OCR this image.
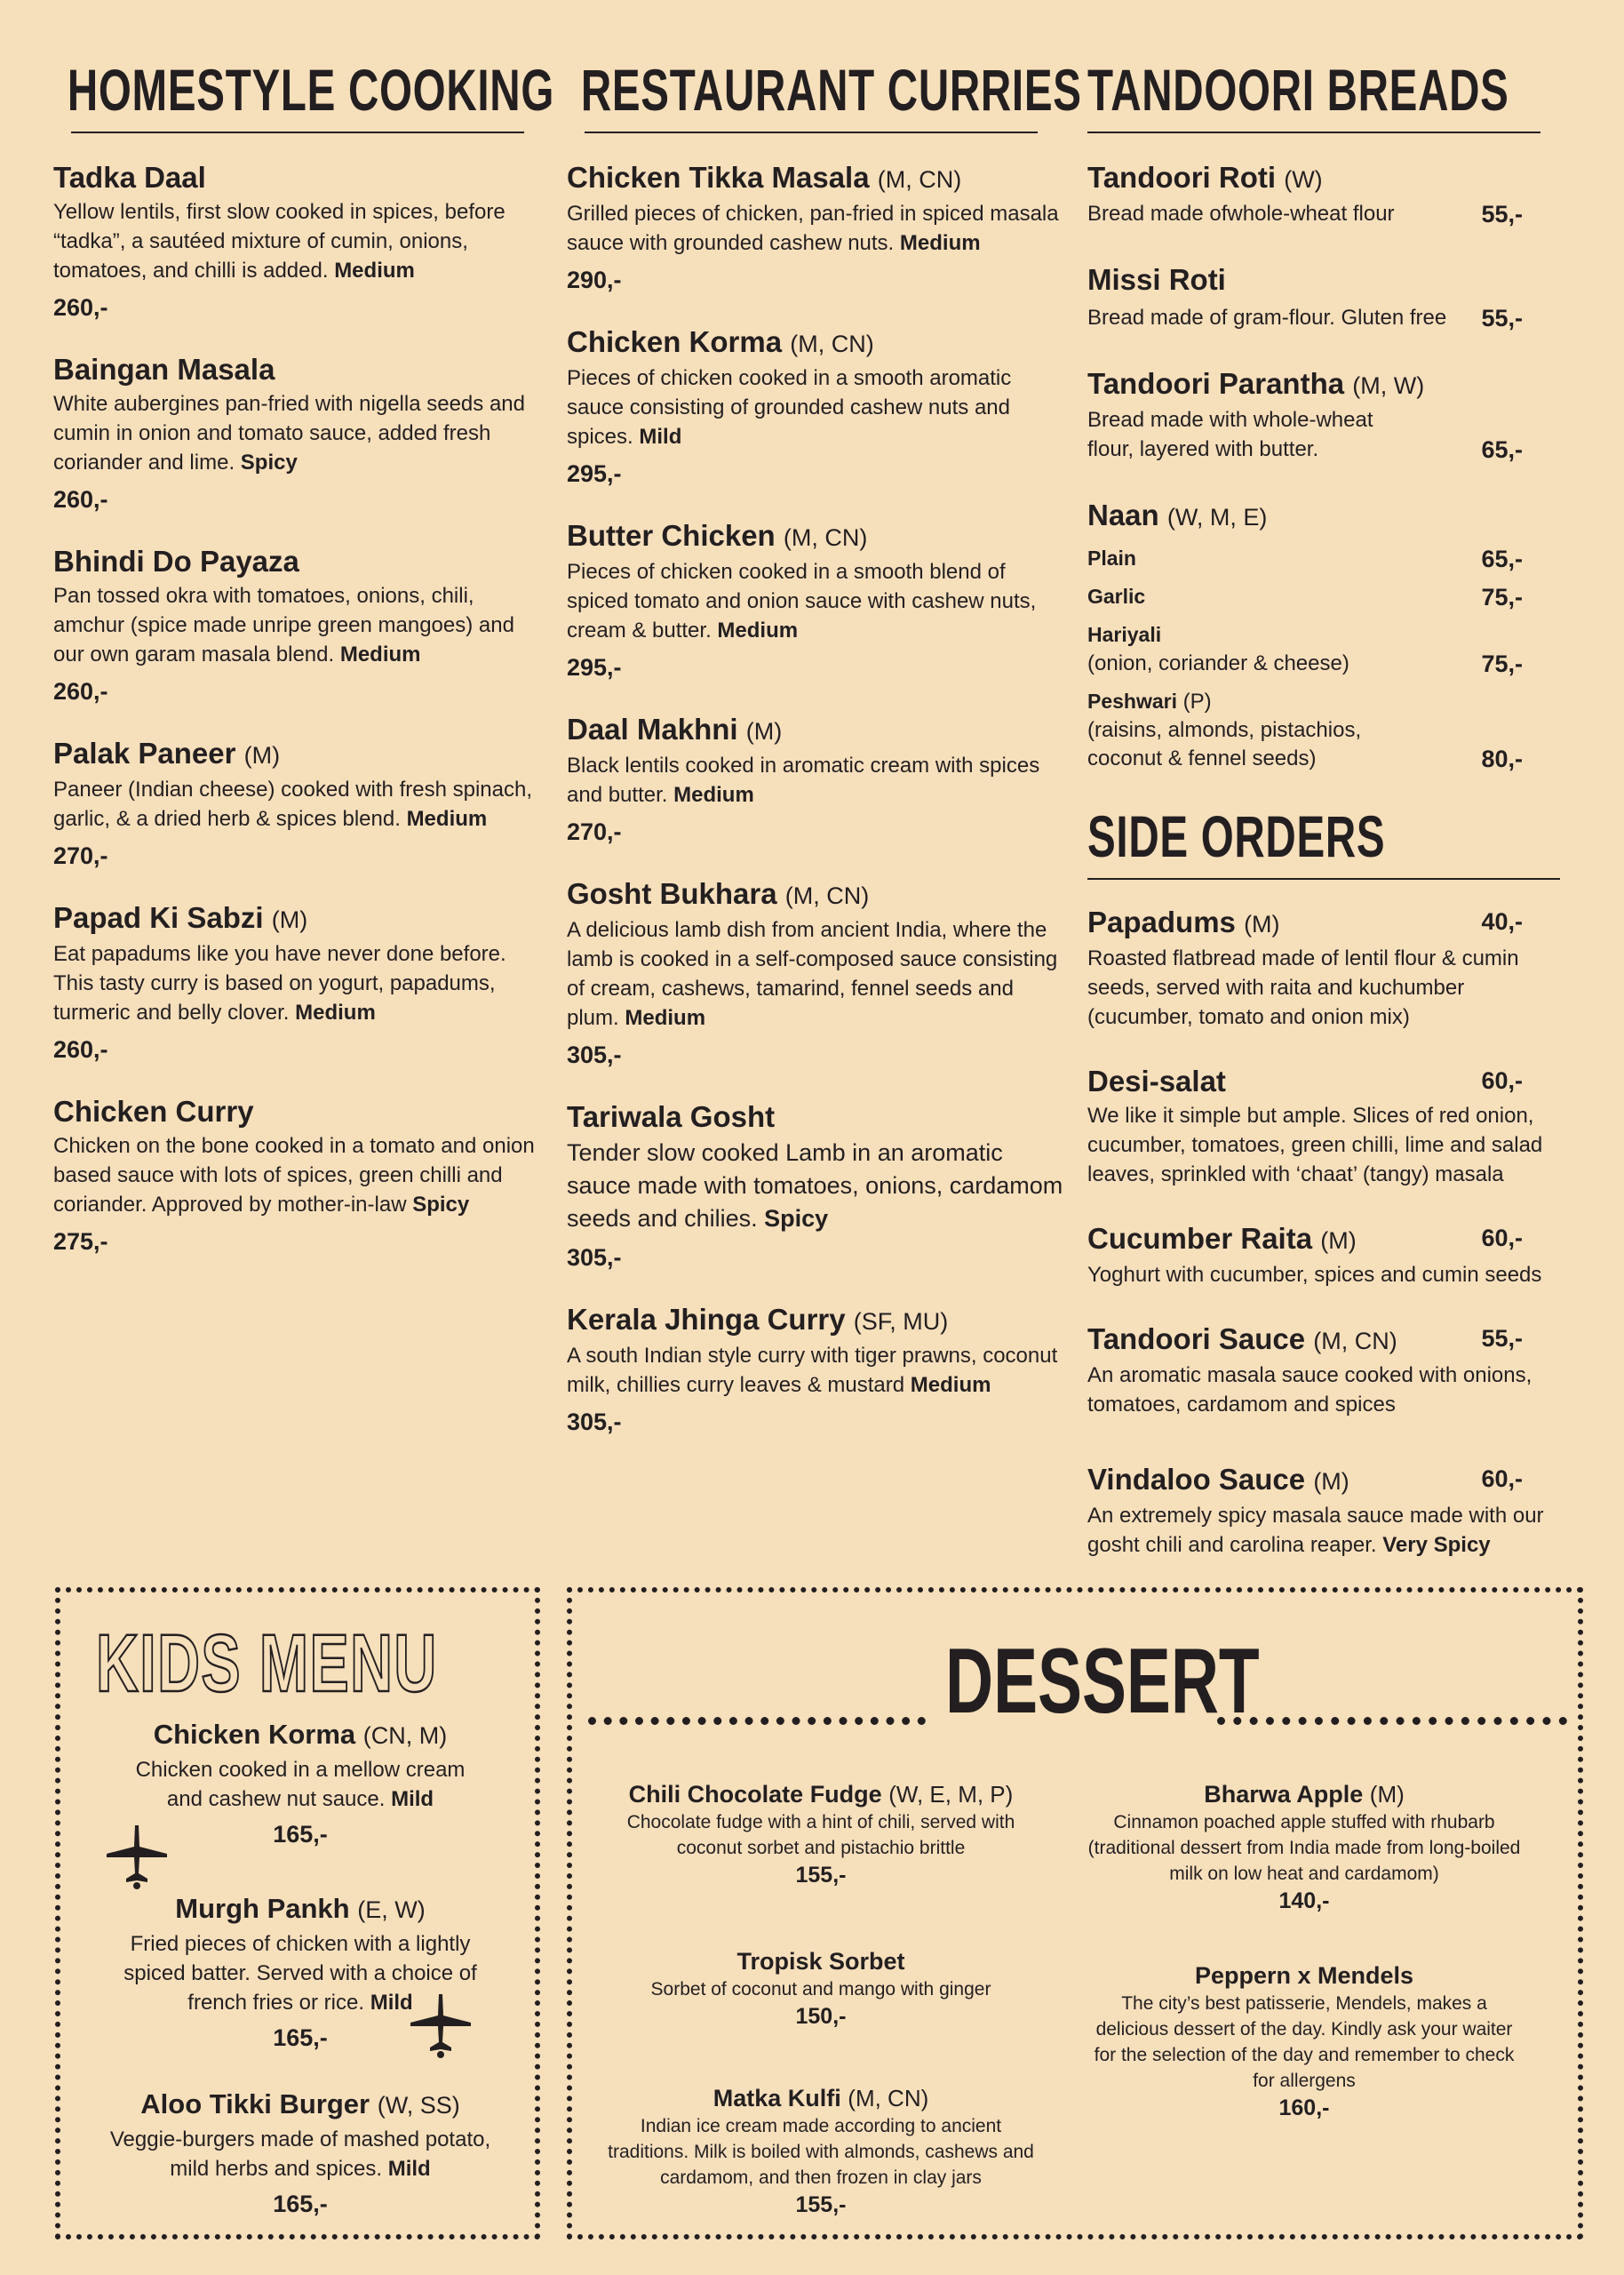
HOMESTYLE COOKING
Tadka Daal
Yellow lentils, first slow cooked in spices, before “tadka”, a sautéed mixture of cumin, onions, tomatoes, and chilli is added. Medium
260,-
Baingan Masala
White aubergines pan-fried with nigella seeds and cumin in onion and tomato sauce, added fresh coriander and lime. Spicy
260,-
Bhindi Do Payaza
Pan tossed okra with tomatoes, onions, chili, amchur (spice made unripe green mangoes) and our own garam masala blend. Medium
260,-
Palak Paneer (M)
Paneer (Indian cheese) cooked with fresh spinach, garlic, & a dried herb & spices blend. Medium
270,-
Papad Ki Sabzi (M)
Eat papadums like you have never done before. This tasty curry is based on yogurt, papadums, turmeric and belly clover. Medium
260,-
Chicken Curry
Chicken on the bone cooked in a tomato and onion based sauce with lots of spices, green chilli and coriander. Approved by mother-in-law Spicy
275,-
RESTAURANT CURRIES
Chicken Tikka Masala (M, CN)
Grilled pieces of chicken, pan-fried in spiced masala sauce with grounded cashew nuts. Medium
290,-
Chicken Korma (M, CN)
Pieces of chicken cooked in a smooth aromatic sauce consisting of grounded cashew nuts and spices. Mild
295,-
Butter Chicken (M, CN)
Pieces of chicken cooked in a smooth blend of spiced tomato and onion sauce with cashew nuts, cream & butter. Medium
295,-
Daal Makhni (M)
Black lentils cooked in aromatic cream with spices and butter. Medium
270,-
Gosht Bukhara (M, CN)
A delicious lamb dish from ancient India, where the lamb is cooked in a self-composed sauce consisting of cream, cashews, tamarind, fennel seeds and plum. Medium
305,-
Tariwala Gosht
Tender slow cooked Lamb in an aromatic sauce made with tomatoes, onions, cardamom seeds and chilies. Spicy
305,-
Kerala Jhinga Curry (SF, MU)
A south Indian style curry with tiger prawns, coconut milk, chillies curry leaves & mustard Medium
305,-
TANDOORI BREADS
Tandoori Roti (W)
Bread made ofwhole-wheat flour	55,-
Missi Roti
Bread made of gram-flour. Gluten free	55,-
Tandoori Parantha (M, W)
Bread made with whole-wheat flour, layered with butter.	65,-
Naan (W, M, E)
Plain	65,-
Garlic	75,-
Hariyali
(onion, coriander & cheese)	75,-
Peshwari (P)
(raisins, almonds, pistachios, coconut & fennel seeds)	80,-
SIDE ORDERS
Papadums (M)
Roasted flatbread made of lentil flour & cumin seeds, served with raita and kuchumber (cucumber, tomato and onion mix)
40,-
Desi-salat
We like it simple but ample. Slices of red onion, cucumber, tomatoes, green chilli, lime and salad leaves, sprinkled with ‘chaat’ (tangy) masala
60,-
Cucumber Raita (M)
Yoghurt with cucumber, spices and cumin seeds
60,-
Tandoori Sauce (M, CN)
An aromatic masala sauce cooked with onions, tomatoes, cardamom and spices
55,-
Vindaloo Sauce (M)
An extremely spicy masala sauce made with our gosht chili and carolina reaper. Very Spicy
60,-
KIDS MENU
Chicken Korma (CN, M)
Chicken cooked in a mellow cream and cashew nut sauce. Mild
165,-
Murgh Pankh (E, W)
Fried pieces of chicken with a lightly spiced batter. Served with a choice of french fries or rice. Mild
165,-
Aloo Tikki Burger (W, SS)
Veggie-burgers made of mashed potato, mild herbs and spices. Mild
165,-
DESSERT
Chili Chocolate Fudge (W, E, M, P)
Chocolate fudge with a hint of chili, served with coconut sorbet and pistachio brittle
155,-
Tropisk Sorbet
Sorbet of coconut and mango with ginger
150,-
Matka Kulfi (M, CN)
Indian ice cream made according to ancient traditions. Milk is boiled with almonds, cashews and cardamom, and then frozen in clay jars
155,-
Bharwa Apple (M)
Cinnamon poached apple stuffed with rhubarb (traditional dessert from India made from long-boiled milk on low heat and cardamom)
140,-
Peppern x Mendels
The city’s best patisserie, Mendels, makes a delicious dessert of the day. Kindly ask your waiter for the selection of the day and remember to check for allergens
160,-
